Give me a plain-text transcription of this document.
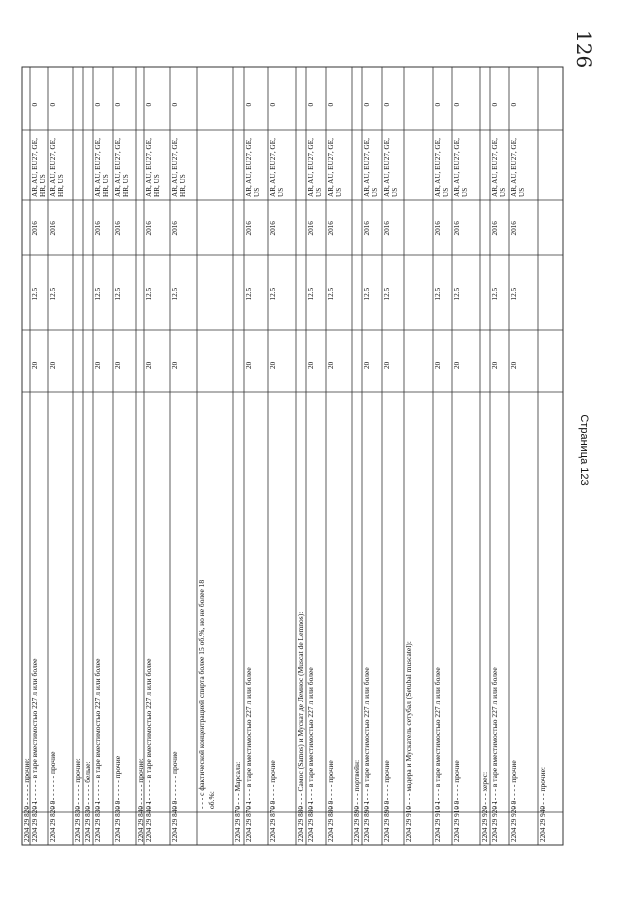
126
- - - - - - прочие:
2204 29 820
0
AR, AU, EU27, GE, HR, US
2016
12.5
20
- - - - - - - в таре вместимостью 227 л или более
2204 29 820 1
0
AR, AU, EU27, GE, HR, US
2016
12.5
20
- - - - - - - - прочие
2204 29 820 9
- - - - - - прочие:
2204 29 830
- - - - - - белые:
2204 29 830
0
AR, AU, EU27, GE, HR, US
2016
12.5
20
- - - - - - - в таре вместимостью 227 л или более
2204 29 830 1
0
AR, AU, EU27, GE, HR, US
2016
12.5
20
- - - - - - - прочие
2204 29 830 9
- - - - - - прочие:
2204 29 840
0
AR, AU, EU27, GE, HR, US
2016
12.5
20
- - - - - - - в таре вместимостью 227 л или более
2204 29 840 1
0
AR, AU, EU27, GE, HR, US
2016
12.5
20
- - - - - - - - прочие
2204 29 840 9
- - - с фактической концентрацией спирта более 15 об.%, но не более 18 об.%: - - - - Марсала:
2204 29 870
0
AR, AU, EU27, GE, US
2016
12.5
20
- - - - - в таре вместимостью 227 л или более
2204 29 870 1
0
AR, AU, EU27, GE, US
2016
12.5
20
- - - - - - прочие
2204 29 870 9
- - - - Самос (Samos) и Мускат де Лемнос (Muscat de Lemnos):
2204 29 880
0
AR, AU, EU27, GE, US
2016
12.5
20
- - - - - в таре вместимостью 227 л или более
2204 29 880 1
0
AR, AU, EU27, GE, US
2016
12.5
20
- - - - - - прочие
2204 29 880 9
- - - - портвейн:
2204 29 890
0
AR, AU, EU27, GE, US
2016
12.5
20
- - - - - в таре вместимостью 227 л или более
2204 29 890 1
0
AR, AU, EU27, GE, US
2016
12.5
20
- - - - - - прочие
2204 29 890 9
- - - - мадера и Мускатель сетубал (Setubal muscatel):
2204 29 910
0
AR, AU, EU27, GE, US
2016
12.5
20
- - - - - в таре вместимостью 227 л или более
2204 29 910 1
0
AR, AU, EU27, GE, US
2016
12.5
20
- - - - - - прочие
2204 29 910 9
- - - - херес:
2204 29 920
0
AR, AU, EU27, GE, US
2016
12.5
20
- - - - - в таре вместимостью 227 л или более
2204 29 920 1
0
AR, AU, EU27, GE, US
2016
12.5
20
- - - - - - прочие
2204 29 920 9
- - - - прочие:
2204 29 940
Страница 123
